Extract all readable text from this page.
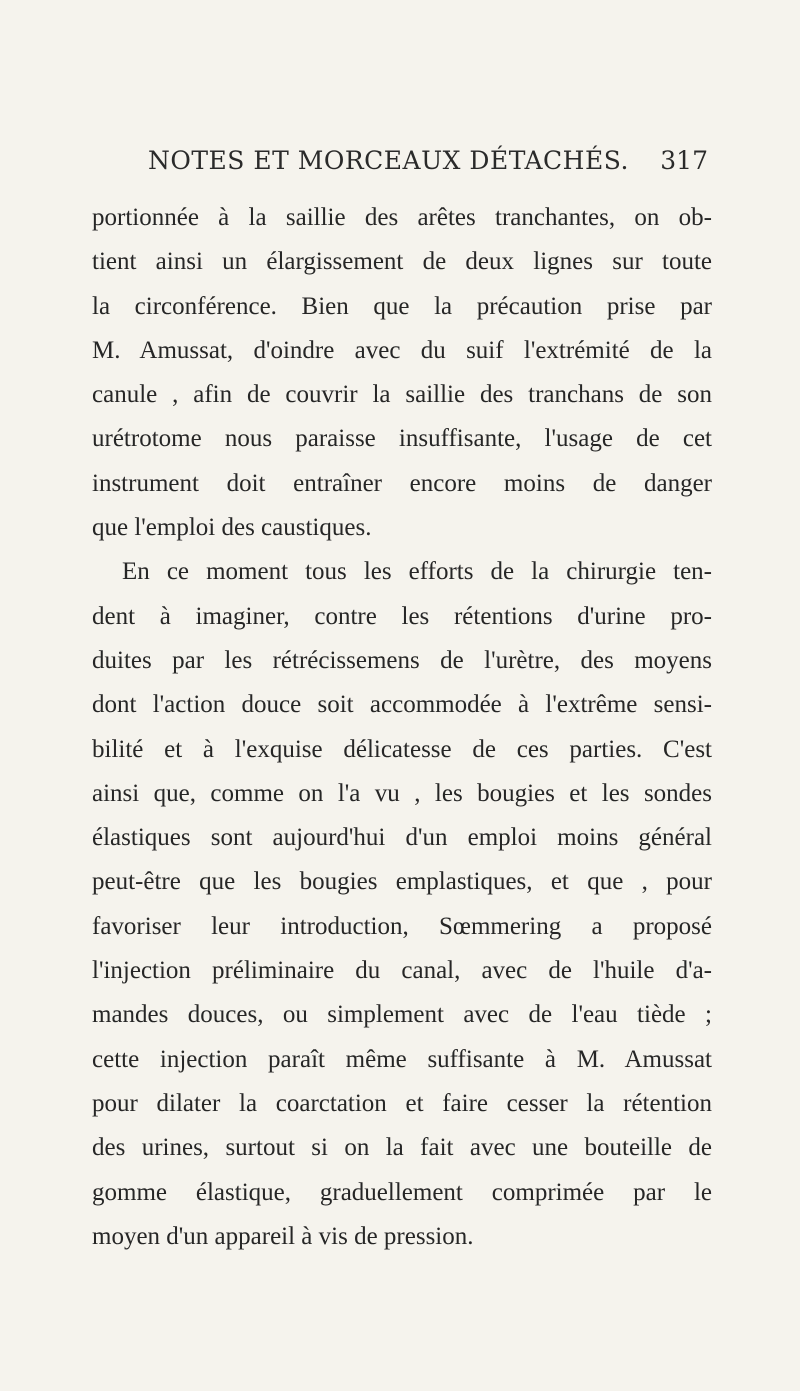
NOTES ET MORCEAUX DÉTACHÉS. 317
portionnée à la saillie des arêtes tranchantes, on ob-
tient ainsi un élargissement de deux lignes sur toute
la circonférence. Bien que la précaution prise par
M. Amussat, d'oindre avec du suif l'extrémité de la
canule , afin de couvrir la saillie des tranchans de son
urétrotome nous paraisse insuffisante, l'usage de cet
instrument doit entraîner encore moins de danger
que l'emploi des caustiques.
En ce moment tous les efforts de la chirurgie ten-
dent à imaginer, contre les rétentions d'urine pro-
duites par les rétrécissemens de l'urètre, des moyens
dont l'action douce soit accommodée à l'extrême sensi-
bilité et à l'exquise délicatesse de ces parties. C'est
ainsi que, comme on l'a vu , les bougies et les sondes
élastiques sont aujourd'hui d'un emploi moins général
peut-être que les bougies emplastiques, et que , pour
favoriser leur introduction, Sœmmering a proposé
l'injection préliminaire du canal, avec de l'huile d'a-
mandes douces, ou simplement avec de l'eau tiède ;
cette injection paraît même suffisante à M. Amussat
pour dilater la coarctation et faire cesser la rétention
des urines, surtout si on la fait avec une bouteille de
gomme élastique, graduellement comprimée par le
moyen d'un appareil à vis de pression.
